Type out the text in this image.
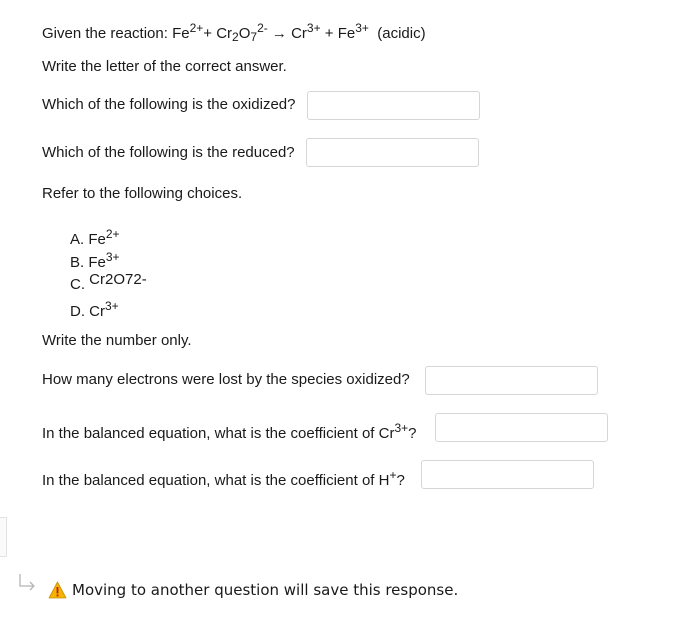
Given the reaction: $Fe^{2+}+ Cr_2O_7^{2-} \to Cr^{3+} + Fe^{3+}$ (acidic)
Write the letter of the correct answer.
Which of the following is the oxidized?
Which of the following is the reduced?
Refer to the following choices.
A. $Fe^{2+}$
B. $Fe^{3+}$
C. Cr2O72-
D. $Cr^{3+}$
Write the number only.
How many electrons were lost by the species oxidized?
In the balanced equation, what is the coefficient of $Cr^{3+}$?
In the balanced equation, what is the coefficient of H+?
Moving to another question will save this response.
